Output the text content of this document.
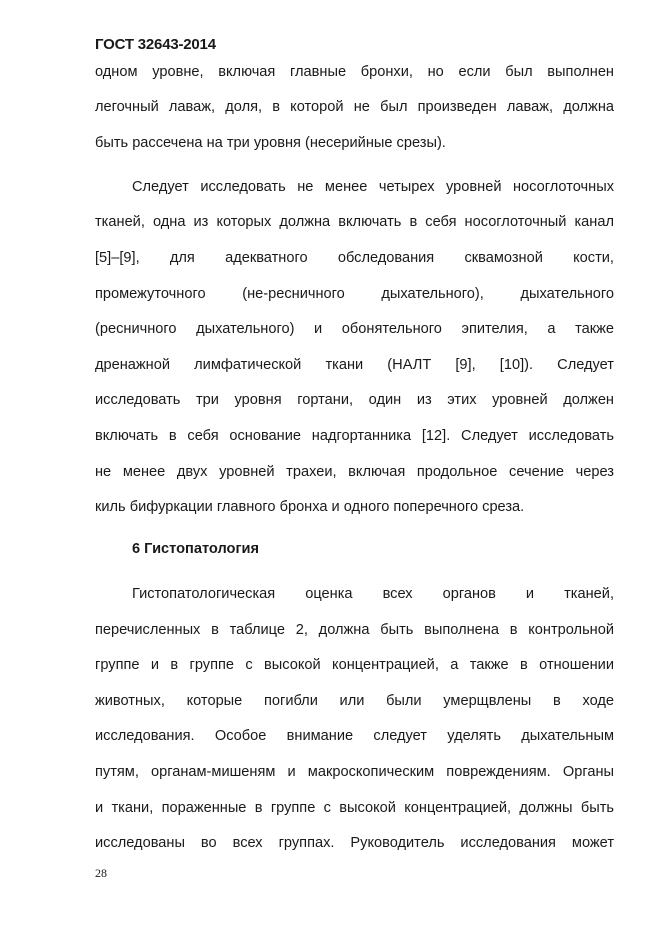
ГОСТ 32643-2014
одном уровне, включая главные бронхи, но если был выполнен
легочный лаваж, доля, в которой не был произведен лаваж, должна
быть рассечена на три уровня (несерийные срезы).
Следует исследовать не менее четырех уровней носоглоточных
тканей, одна из которых должна включать в себя носоглоточный канал
[5]–[9], для адекватного обследования сквамозной кости,
промежуточного (не-ресничного дыхательного), дыхательного
(ресничного дыхательного) и обонятельного эпителия, а также
дренажной лимфатической ткани (НАЛТ [9], [10]). Следует
исследовать три уровня гортани, один из этих уровней должен
включать в себя основание надгортанника [12]. Следует исследовать
не менее двух уровней трахеи, включая продольное сечение через
киль бифуркации главного бронха и одного поперечного среза.
6 Гистопатология
Гистопатологическая оценка всех органов и тканей,
перечисленных в таблице 2, должна быть выполнена в контрольной
группе и в группе с высокой концентрацией, а также в отношении
животных, которые погибли или были умерщвлены в ходе
исследования. Особое внимание следует уделять дыхательным
путям, органам-мишеням и макроскопическим повреждениям. Органы
и ткани, пораженные в группе с высокой концентрацией, должны быть
исследованы во всех группах. Руководитель исследования может
28
